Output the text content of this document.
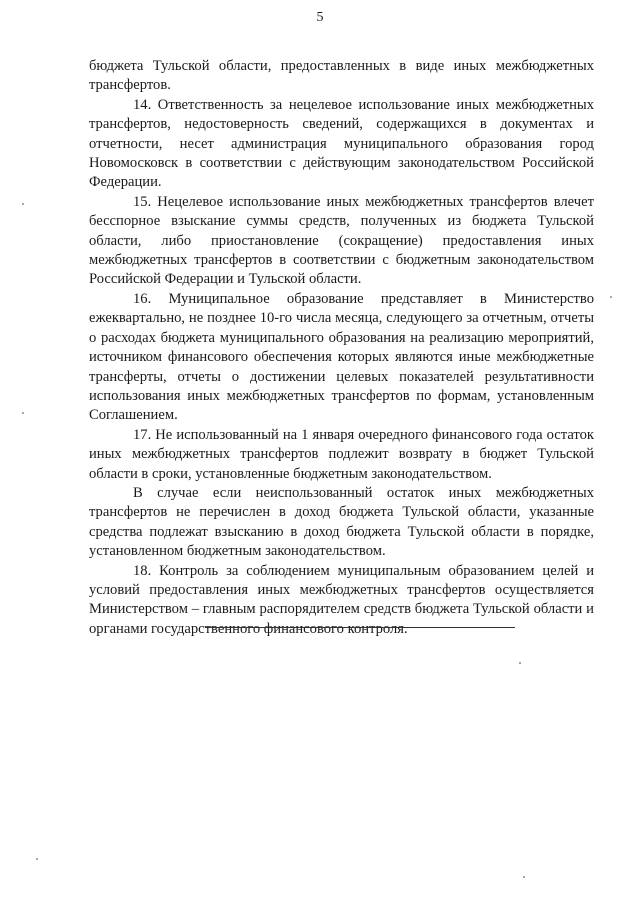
5

бюджета Тульской области, предоставленных в виде иных межбюджетных трансфертов.

14. Ответственность за нецелевое использование иных межбюджетных трансфертов, недостоверность сведений, содержащихся в документах и отчетности, несет администрация муниципального образования город Новомосковск в соответствии с действующим законодательством Российской Федерации.

15. Нецелевое использование иных межбюджетных трансфертов влечет бесспорное взыскание суммы средств, полученных из бюджета Тульской области, либо приостановление (сокращение) предоставления иных межбюджетных трансфертов в соответствии с бюджетным законодательством Российской Федерации и Тульской области.

16. Муниципальное образование представляет в Министерство ежеквартально, не позднее 10-го числа месяца, следующего за отчетным, отчеты о расходах бюджета муниципального образования на реализацию мероприятий, источником финансового обеспечения которых являются иные межбюджетные трансферты, отчеты о достижении целевых показателей результативности использования иных межбюджетных трансфертов по формам, установленным Соглашением.

17. Не использованный на 1 января очередного финансового года остаток иных межбюджетных трансфертов подлежит возврату в бюджет Тульской области в сроки, установленные бюджетным законодательством.

В случае если неиспользованный остаток иных межбюджетных трансфертов не перечислен в доход бюджета Тульской области, указанные средства подлежат взысканию в доход бюджета Тульской области в порядке, установленном бюджетным законодательством.

18. Контроль за соблюдением муниципальным образованием целей и условий предоставления иных межбюджетных трансфертов осуществляется Министерством – главным распорядителем средств бюджета Тульской области и органами государственного финансового контроля.
